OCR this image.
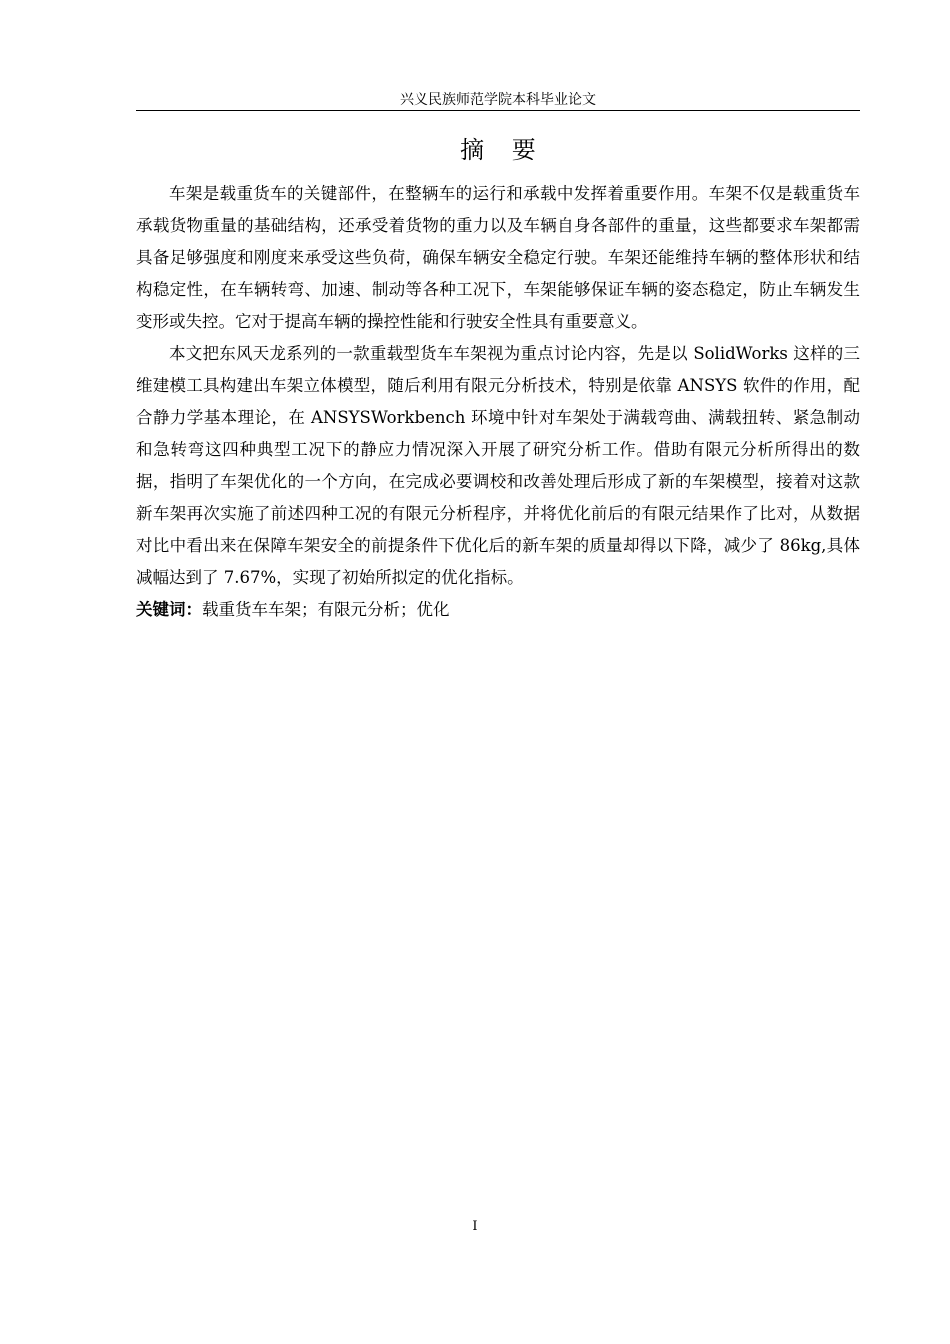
兴义民族师范学院本科毕业论文
摘 要

车架是载重货车的关键部件，在整辆车的运行和承载中发挥着重要作用。车架不仅是载重货车承载货物重量的基础结构，还承受着货物的重力以及车辆自身各部件的重量，这些都要求车架都需具备足够强度和刚度来承受这些负荷，确保车辆安全稳定行驶。车架还能维持车辆的整体形状和结构稳定性，在车辆转弯、加速、制动等各种工况下，车架能够保证车辆的姿态稳定，防止车辆发生变形或失控。它对于提高车辆的操控性能和行驶安全性具有重要意义。

本文把东风天龙系列的一款重载型货车车架视为重点讨论内容，先是以 SolidWorks 这样的三维建模工具构建出车架立体模型，随后利用有限元分析技术，特别是依靠 ANSYS 软件的作用，配合静力学基本理论，在 ANSYSWorkbench 环境中针对车架处于满载弯曲、满载扭转、紧急制动和急转弯这四种典型工况下的静应力情况深入开展了研究分析工作。借助有限元分析所得出的数据，指明了车架优化的一个方向，在完成必要调校和改善处理后形成了新的车架模型，接着对这款新车架再次实施了前述四种工况的有限元分析程序，并将优化前后的有限元结果作了比对，从数据对比中看出来在保障车架安全的前提条件下优化后的新车架的质量却得以下降，减少了 86kg,具体减幅达到了 7.67%，实现了初始所拟定的优化指标。

关键词：载重货车车架；有限元分析；优化

I
